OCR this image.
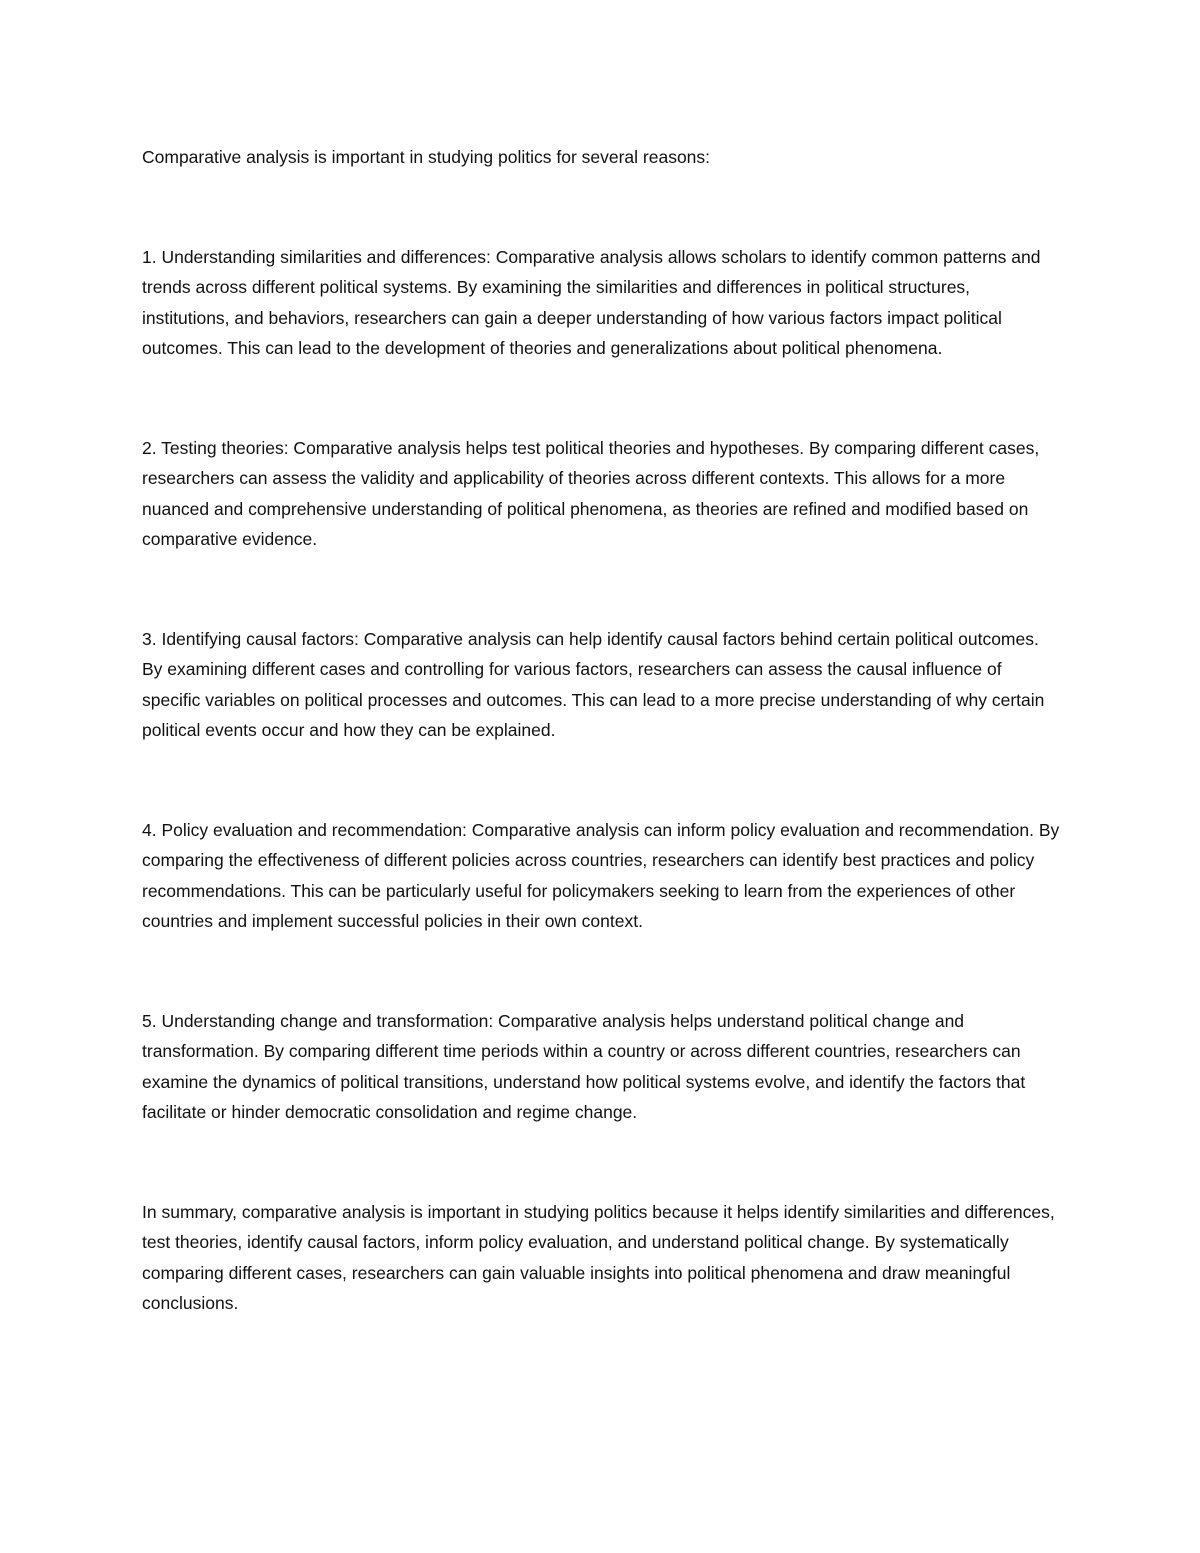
Comparative analysis is important in studying politics for several reasons:

1. Understanding similarities and differences: Comparative analysis allows scholars to identify common patterns and trends across different political systems. By examining the similarities and differences in political structures, institutions, and behaviors, researchers can gain a deeper understanding of how various factors impact political outcomes. This can lead to the development of theories and generalizations about political phenomena.

2. Testing theories: Comparative analysis helps test political theories and hypotheses. By comparing different cases, researchers can assess the validity and applicability of theories across different contexts. This allows for a more nuanced and comprehensive understanding of political phenomena, as theories are refined and modified based on comparative evidence.

3. Identifying causal factors: Comparative analysis can help identify causal factors behind certain political outcomes. By examining different cases and controlling for various factors, researchers can assess the causal influence of specific variables on political processes and outcomes. This can lead to a more precise understanding of why certain political events occur and how they can be explained.

4. Policy evaluation and recommendation: Comparative analysis can inform policy evaluation and recommendation. By comparing the effectiveness of different policies across countries, researchers can identify best practices and policy recommendations. This can be particularly useful for policymakers seeking to learn from the experiences of other countries and implement successful policies in their own context.

5. Understanding change and transformation: Comparative analysis helps understand political change and transformation. By comparing different time periods within a country or across different countries, researchers can examine the dynamics of political transitions, understand how political systems evolve, and identify the factors that facilitate or hinder democratic consolidation and regime change.

In summary, comparative analysis is important in studying politics because it helps identify similarities and differences, test theories, identify causal factors, inform policy evaluation, and understand political change. By systematically comparing different cases, researchers can gain valuable insights into political phenomena and draw meaningful conclusions.
